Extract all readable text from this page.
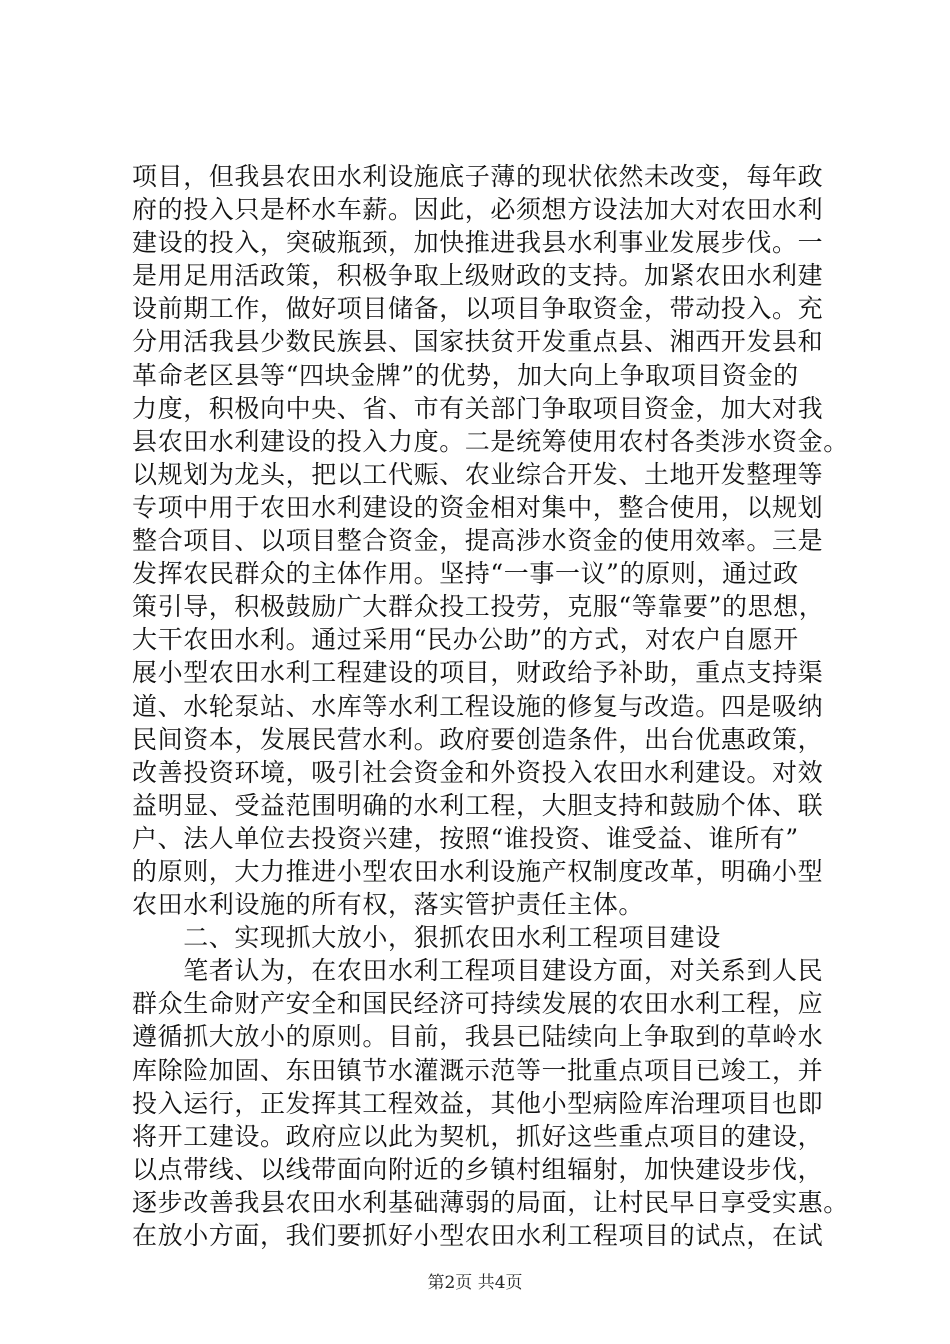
项目，但我县农田水利设施底子薄的现状依然未改变，每年政
府的投入只是杯水车薪。因此，必须想方设法加大对农田水利
建设的投入，突破瓶颈，加快推进我县水利事业发展步伐。一
是用足用活政策，积极争取上级财政的支持。加紧农田水利建
设前期工作，做好项目储备，以项目争取资金，带动投入。充
分用活我县少数民族县、国家扶贫开发重点县、湘西开发县和
革命老区县等“四块金牌”的优势，加大向上争取项目资金的
力度，积极向中央、省、市有关部门争取项目资金，加大对我
县农田水利建设的投入力度。二是统筹使用农村各类涉水资金。
以规划为龙头，把以工代赈、农业综合开发、土地开发整理等
专项中用于农田水利建设的资金相对集中，整合使用，以规划
整合项目、以项目整合资金，提高涉水资金的使用效率。三是
发挥农民群众的主体作用。坚持“一事一议”的原则，通过政
策引导，积极鼓励广大群众投工投劳，克服“等靠要”的思想，
大干农田水利。通过采用“民办公助”的方式，对农户自愿开
展小型农田水利工程建设的项目，财政给予补助，重点支持渠
道、水轮泵站、水库等水利工程设施的修复与改造。四是吸纳
民间资本，发展民营水利。政府要创造条件，出台优惠政策，
改善投资环境，吸引社会资金和外资投入农田水利建设。对效
益明显、受益范围明确的水利工程，大胆支持和鼓励个体、联
户、法人单位去投资兴建，按照“谁投资、谁受益、谁所有”
的原则，大力推进小型农田水利设施产权制度改革，明确小型
农田水利设施的所有权，落实管护责任主体。
　　二、实现抓大放小，狠抓农田水利工程项目建设
　　笔者认为，在农田水利工程项目建设方面，对关系到人民
群众生命财产安全和国民经济可持续发展的农田水利工程，应
遵循抓大放小的原则。目前，我县已陆续向上争取到的草岭水
库除险加固、东田镇节水灌溉示范等一批重点项目已竣工，并
投入运行，正发挥其工程效益，其他小型病险库治理项目也即
将开工建设。政府应以此为契机，抓好这些重点项目的建设，
以点带线、以线带面向附近的乡镇村组辐射，加快建设步伐，
逐步改善我县农田水利基础薄弱的局面，让村民早日享受实惠。
在放小方面，我们要抓好小型农田水利工程项目的试点，在试
第2页 共4页
